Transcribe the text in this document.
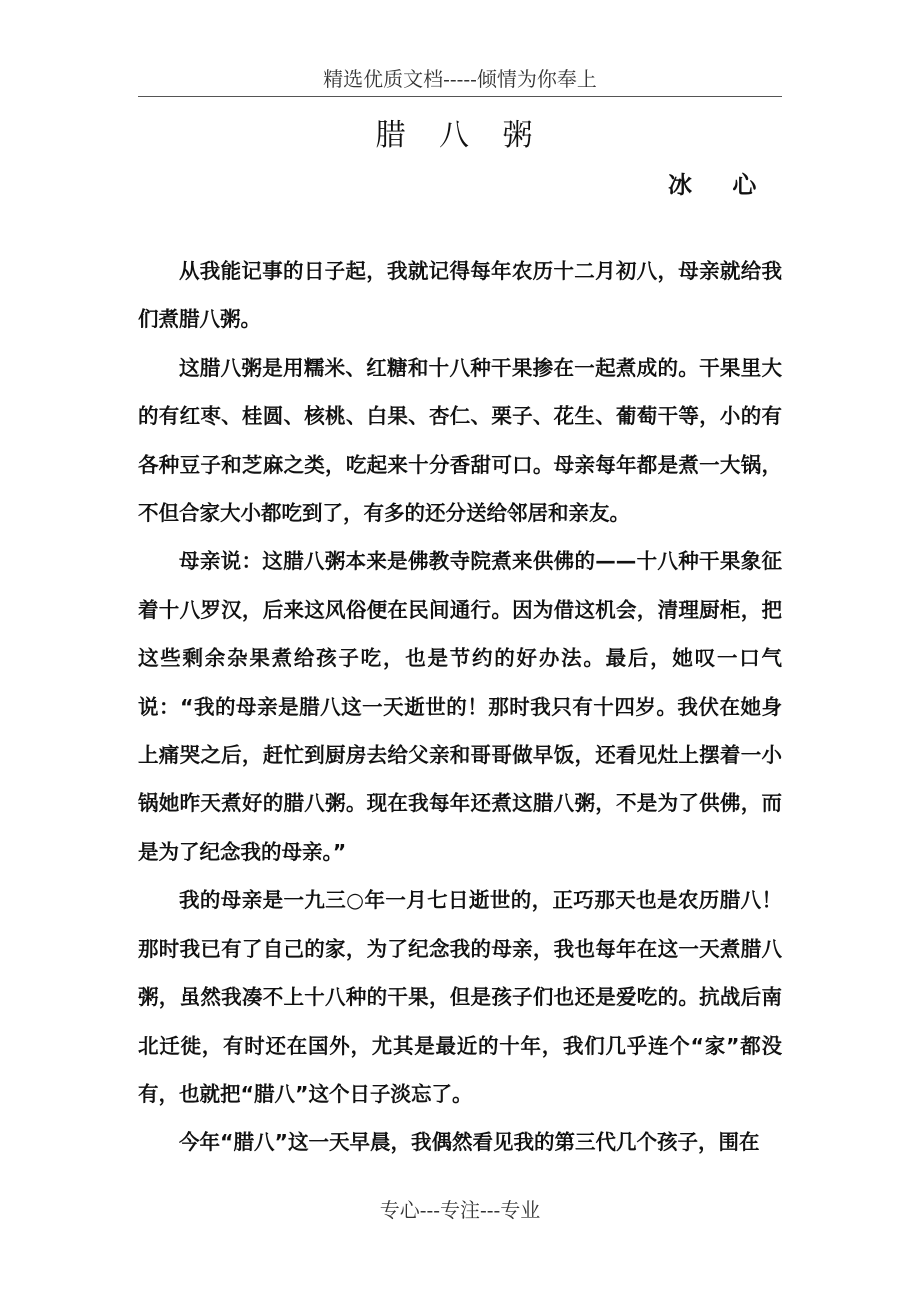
精选优质文档-----倾情为你奉上
腊 八 粥
冰 心

从我能记事的日子起，我就记得每年农历十二月初八，母亲就给我们煮腊八粥。

这腊八粥是用糯米、红糖和十八种干果掺在一起煮成的。干果里大的有红枣、桂圆、核桃、白果、杏仁、栗子、花生、葡萄干等，小的有各种豆子和芝麻之类，吃起来十分香甜可口。母亲每年都是煮一大锅，不但合家大小都吃到了，有多的还分送给邻居和亲友。

母亲说：这腊八粥本来是佛教寺院煮来供佛的——十八种干果象征着十八罗汉，后来这风俗便在民间通行。因为借这机会，清理厨柜，把这些剩余杂果煮给孩子吃，也是节约的好办法。最后，她叹一口气说：“我的母亲是腊八这一天逝世的！那时我只有十四岁。我伏在她身上痛哭之后，赶忙到厨房去给父亲和哥哥做早饭，还看见灶上摆着一小锅她昨天煮好的腊八粥。现在我每年还煮这腊八粥，不是为了供佛，而是为了纪念我的母亲。”

我的母亲是一九三○年一月七日逝世的，正巧那天也是农历腊八！那时我已有了自己的家，为了纪念我的母亲，我也每年在这一天煮腊八粥，虽然我凑不上十八种的干果，但是孩子们也还是爱吃的。抗战后南北迁徙，有时还在国外，尤其是最近的十年，我们几乎连个“家”都没有，也就把“腊八”这个日子淡忘了。

今年“腊八”这一天早晨，我偶然看见我的第三代几个孩子，围在

专心---专注---专业
